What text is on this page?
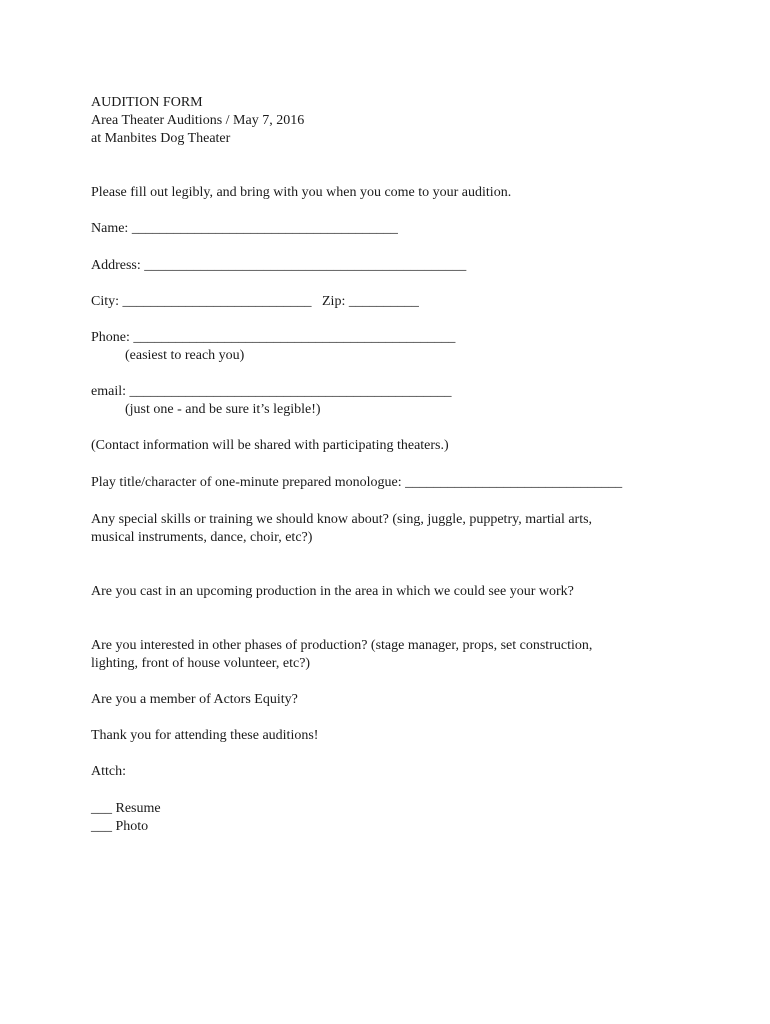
AUDITION FORM
Area Theater Auditions / May 7, 2016
at Manbites Dog Theater
Please fill out legibly, and bring with you when you come to your audition.
Name: ______________________________________
Address: ______________________________________________
City: ___________________________   Zip: __________
Phone: ______________________________________________
(easiest to reach you)
email: ______________________________________________
(just one - and be sure it’s legible!)
(Contact information will be shared with participating theaters.)
Play title/character of one-minute prepared monologue: _______________________________
Any special skills or training we should know about? (sing, juggle, puppetry, martial arts,
musical instruments, dance, choir, etc?)
Are you cast in an upcoming production in the area in which we could see your work?
Are you interested in other phases of production? (stage manager, props, set construction,
lighting, front of house volunteer, etc?)
Are you a member of Actors Equity?
Thank you for attending these auditions!
Attch:
___ Resume
___ Photo
